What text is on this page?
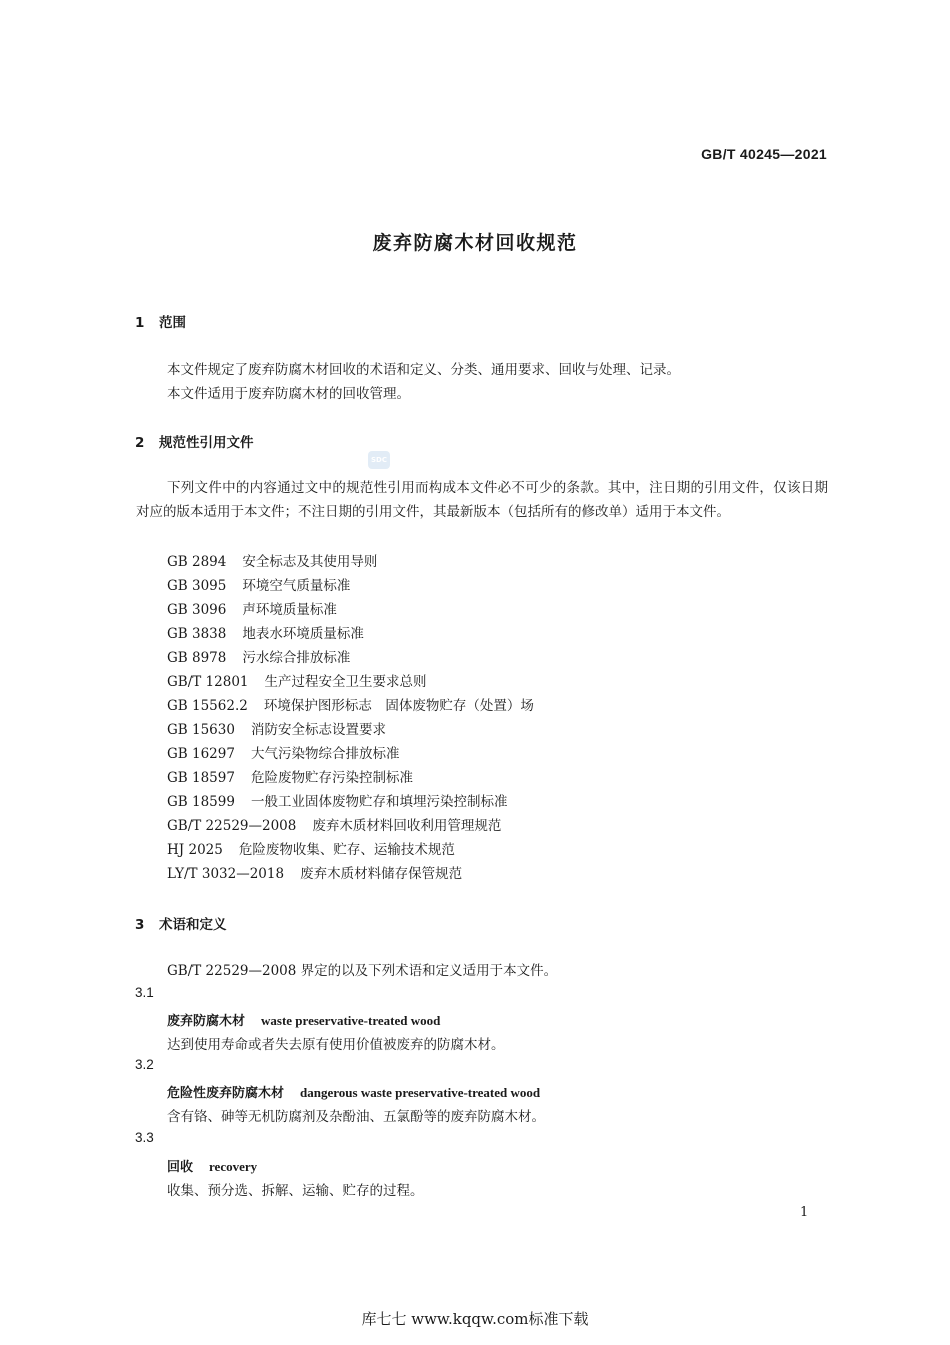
GB/T 40245—2021
废弃防腐木材回收规范
1 范围
本文件规定了废弃防腐木材回收的术语和定义、分类、通用要求、回收与处理、记录。
本文件适用于废弃防腐木材的回收管理。
2 规范性引用文件
SDC
下列文件中的内容通过文中的规范性引用而构成本文件必不可少的条款。其中，注日期的引用文件，仅该日期对应的版本适用于本文件；不注日期的引用文件，其最新版本（包括所有的修改单）适用于本文件。
GB 2894 安全标志及其使用导则
GB 3095 环境空气质量标准
GB 3096 声环境质量标准
GB 3838 地表水环境质量标准
GB 8978 污水综合排放标准
GB/T 12801 生产过程安全卫生要求总则
GB 15562.2 环境保护图形标志　固体废物贮存（处置）场
GB 15630 消防安全标志设置要求
GB 16297 大气污染物综合排放标准
GB 18597 危险废物贮存污染控制标准
GB 18599 一般工业固体废物贮存和填埋污染控制标准
GB/T 22529—2008 废弃木质材料回收利用管理规范
HJ 2025 危险废物收集、贮存、运输技术规范
LY/T 3032—2018 废弃木质材料储存保管规范
3 术语和定义
GB/T 22529—2008 界定的以及下列术语和定义适用于本文件。
3.1
废弃防腐木材 waste preservative-treated wood
达到使用寿命或者失去原有使用价值被废弃的防腐木材。
3.2
危险性废弃防腐木材 dangerous waste preservative-treated wood
含有铬、砷等无机防腐剂及杂酚油、五氯酚等的废弃防腐木材。
3.3
回收 recovery
收集、预分选、拆解、运输、贮存的过程。
1
库七七 www.kqqw.com标准下载
